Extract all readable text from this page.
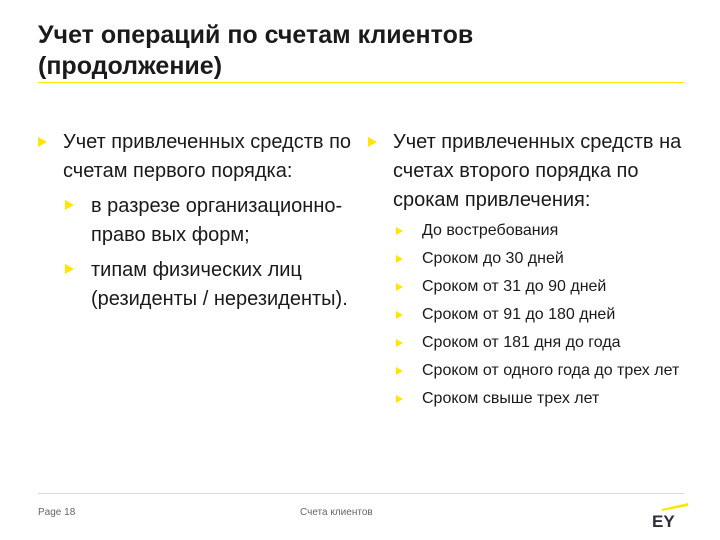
Учет операций по счетам клиентов
(продолжение)
Учет привлеченных средств по счетам первого порядка:
в разрезе организационно-право вых форм;
типам физических лиц (резиденты / нерезиденты).
Учет привлеченных средств на счетах второго порядка по срокам привлечения:
До востребования
Сроком до 30 дней
Сроком от 31 до 90 дней
Сроком от 91 до 180 дней
Сроком от 181 дня до года
Сроком от одного года до трех лет
Сроком свыше трех лет
Page 18	Счета клиентов	EY
